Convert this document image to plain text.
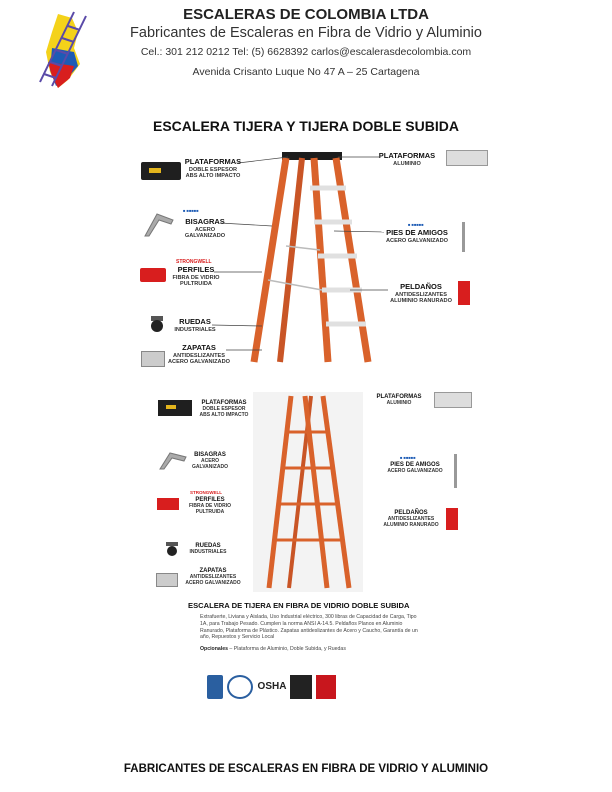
ESCALERAS DE COLOMBIA LTDA
Fabricantes de Escaleras en Fibra de Vidrio y Aluminio
Cel.: 301 212 0212 Tel: (5) 6628392 carlos@escalerasdecolombia.com
Avenida Crisanto Luque No 47 A – 25 Cartagena
ESCALERA TIJERA Y TIJERA DOBLE SUBIDA
PLATAFORMAS
DOBLE ESPESOR
ABS ALTO IMPACTO
■ ■■■■■
BISAGRAS
ACERO GALVANIZADO
STRONGWELL
PERFILES
FIBRA DE VIDRIO
PULTRUIDA
RUEDAS
INDUSTRIALES
ZAPATAS
ANTIDESLIZANTES
ACERO GALVANIZADO
PLATAFORMAS
ALUMINIO
■ ■■■■■
PIES DE AMIGOS
ACERO GALVANIZADO
PELDAÑOS
ANTIDESLIZANTES
ALUMINIO RANURADO
PLATAFORMAS
DOBLE ESPESOR
ABS ALTO IMPACTO
BISAGRAS
ACERO GALVANIZADO
STRONGWELL
PERFILES
FIBRA DE VIDRIO
PULTRUIDA
RUEDAS
INDUSTRIALES
ZAPATAS
ANTIDESLIZANTES
ACERO GALVANIZADO
PLATAFORMAS
ALUMINIO
■ ■■■■■
PIES DE AMIGOS
ACERO GALVANIZADO
PELDAÑOS
ANTIDESLIZANTES
ALUMINIO RANURADO
ESCALERA DE TIJERA EN FIBRA DE VIDRIO DOBLE SUBIDA
Extrafuerte, Liviana y Aislada, Uso Industrial eléctrico, 300 libras de Capacidad de Carga, Tipo 1A, para Trabajo Pesado. Cumplen la norma ANSI A-14.5. Peldaños Planos en Aluminio Ranurado, Plataforma de Plástico. Zapatas antideslizantes de Acero y Caucho, Garantía de un año, Repuestos y Servicio Local
Opcionales – Plataforma de Aluminio, Doble Subida, y Ruedas
OSHA
FABRICANTES DE ESCALERAS EN FIBRA DE VIDRIO Y ALUMINIO
